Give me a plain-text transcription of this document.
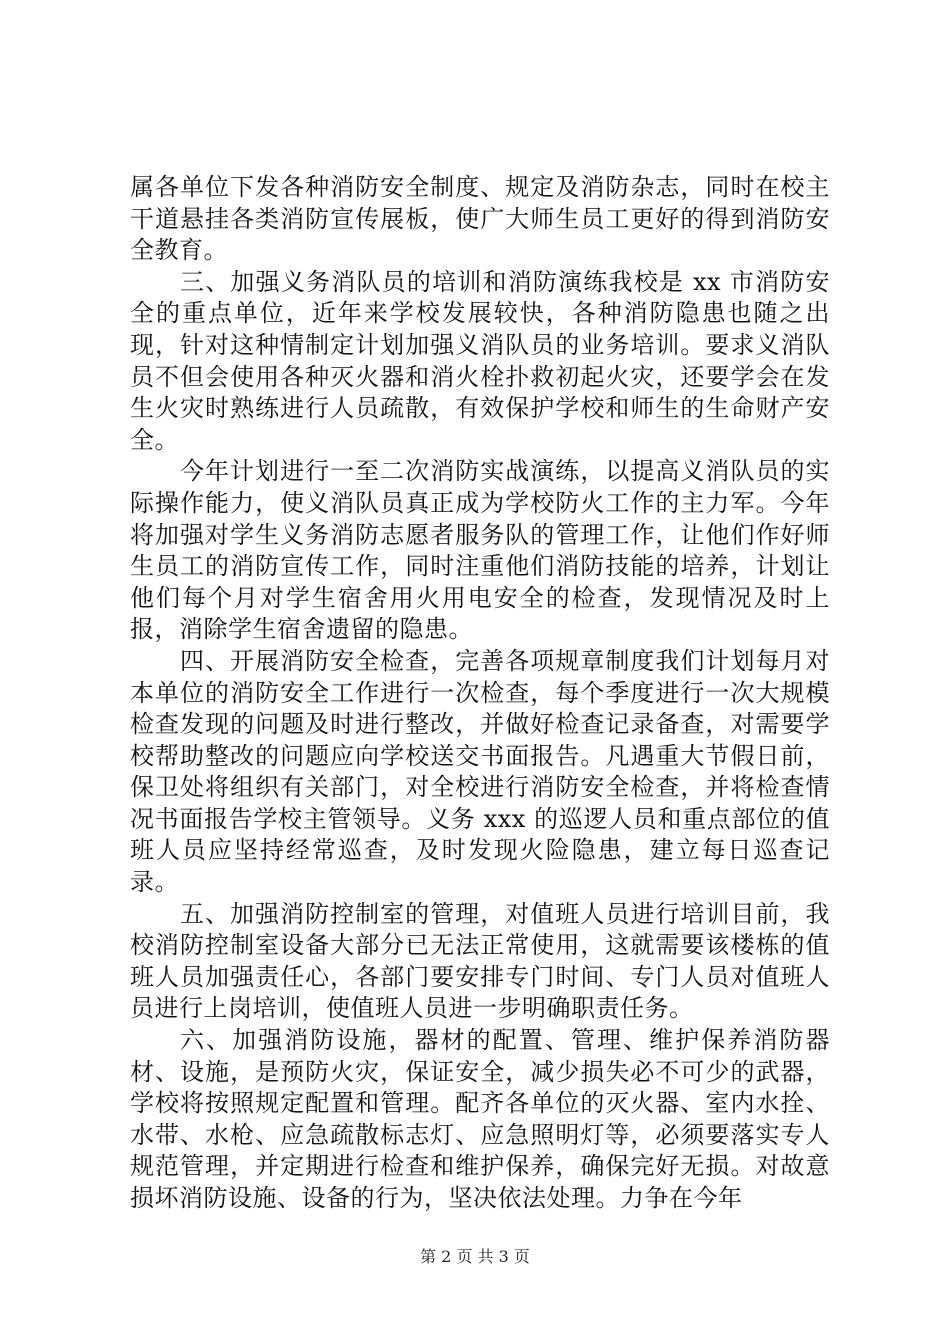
属各单位下发各种消防安全制度、规定及消防杂志，同时在校主干道悬挂各类消防宣传展板，使广大师生员工更好的得到消防安全教育。

三、加强义务消队员的培训和消防演练我校是 xx 市消防安全的重点单位，近年来学校发展较快，各种消防隐患也随之出现，针对这种情制定计划加强义消队员的业务培训。要求义消队员不但会使用各种灭火器和消火栓扑救初起火灾，还要学会在发生火灾时熟练进行人员疏散，有效保护学校和师生的生命财产安全。

今年计划进行一至二次消防实战演练，以提高义消队员的实际操作能力，使义消队员真正成为学校防火工作的主力军。今年将加强对学生义务消防志愿者服务队的管理工作，让他们作好师生员工的消防宣传工作，同时注重他们消防技能的培养，计划让他们每个月对学生宿舍用火用电安全的检查，发现情况及时上报，消除学生宿舍遗留的隐患。

四、开展消防安全检查，完善各项规章制度我们计划每月对本单位的消防安全工作进行一次检查，每个季度进行一次大规模检查发现的问题及时进行整改，并做好检查记录备查，对需要学校帮助整改的问题应向学校送交书面报告。凡遇重大节假日前，保卫处将组织有关部门，对全校进行消防安全检查，并将检查情况书面报告学校主管领导。义务 xxx 的巡逻人员和重点部位的值班人员应坚持经常巡查，及时发现火险隐患，建立每日巡查记录。

五、加强消防控制室的管理，对值班人员进行培训目前，我校消防控制室设备大部分已无法正常使用，这就需要该楼栋的值班人员加强责任心，各部门要安排专门时间、专门人员对值班人员进行上岗培训，使值班人员进一步明确职责任务。

六、加强消防设施，器材的配置、管理、维护保养消防器材、设施，是预防火灾，保证安全，减少损失必不可少的武器，学校将按照规定配置和管理。配齐各单位的灭火器、室内水拴、水带、水枪、应急疏散标志灯、应急照明灯等，必须要落实专人规范管理，并定期进行检查和维护保养，确保完好无损。对故意损坏消防设施、设备的行为，坚决依法处理。力争在今年

第 2 页 共 3 页
